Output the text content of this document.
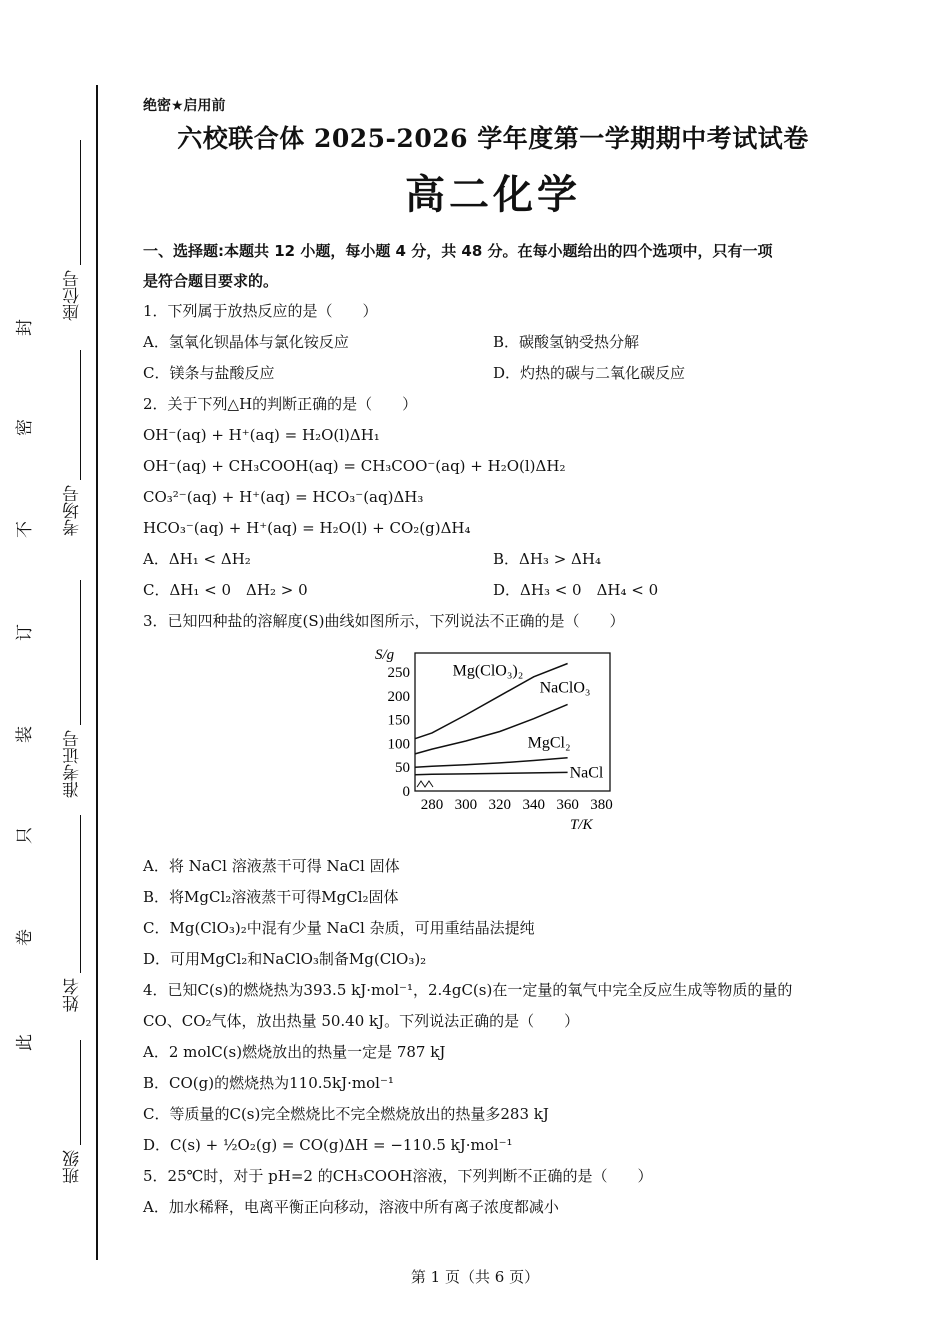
座位号
考场号
准考证号
姓名
班级
封
密
不
订
装
只
卷
此
绝密★启用前
六校联合体 2025-2026 学年度第一学期期中考试试卷
高二化学
一、选择题:本题共 12 小题，每小题 4 分，共 48 分。在每小题给出的四个选项中，只有一项
是符合题目要求的。
1．下列属于放热反应的是（　　）
A．氢氧化钡晶体与氯化铵反应	B．碳酸氢钠受热分解
C．镁条与盐酸反应	D．灼热的碳与二氧化碳反应
2．关于下列△H的判断正确的是（　　）
OH⁻(aq) + H⁺(aq) = H₂O(l)ΔH₁
OH⁻(aq) + CH₃COOH(aq) = CH₃COO⁻(aq) + H₂O(l)ΔH₂
CO₃²⁻(aq) + H⁺(aq) = HCO₃⁻(aq)ΔH₃
HCO₃⁻(aq) + H⁺(aq) = H₂O(l) + CO₂(g)ΔH₄
A．ΔH₁ < ΔH₂	B．ΔH₃ > ΔH₄
C．ΔH₁ < 0　ΔH₂ > 0	D．ΔH₃ < 0　ΔH₄ < 0
3．已知四种盐的溶解度(S)曲线如图所示，下列说法不正确的是（　　）
S/g
0
50
100
150
200
250
280 300 320 340 360 380
T/K
Mg(ClO₃)₂
NaClO₃
MgCl₂
NaCl
A．将 NaCl 溶液蒸干可得 NaCl 固体
B．将MgCl₂溶液蒸干可得MgCl₂固体
C．Mg(ClO₃)₂中混有少量 NaCl 杂质，可用重结晶法提纯
D．可用MgCl₂和NaClO₃制备Mg(ClO₃)₂
4．已知C(s)的燃烧热为393.5 kJ·mol⁻¹，2.4gC(s)在一定量的氧气中完全反应生成等物质的量的
CO、CO₂气体，放出热量 50.40 kJ。下列说法正确的是（　　）
A．2 molC(s)燃烧放出的热量一定是 787 kJ
B．CO(g)的燃烧热为110.5kJ·mol⁻¹
C．等质量的C(s)完全燃烧比不完全燃烧放出的热量多283 kJ
D．C(s) + ½O₂(g) = CO(g)ΔH = −110.5 kJ·mol⁻¹
5．25℃时，对于 pH=2 的CH₃COOH溶液，下列判断不正确的是（　　）
A．加水稀释，电离平衡正向移动，溶液中所有离子浓度都减小
第 1 页（共 6 页）
